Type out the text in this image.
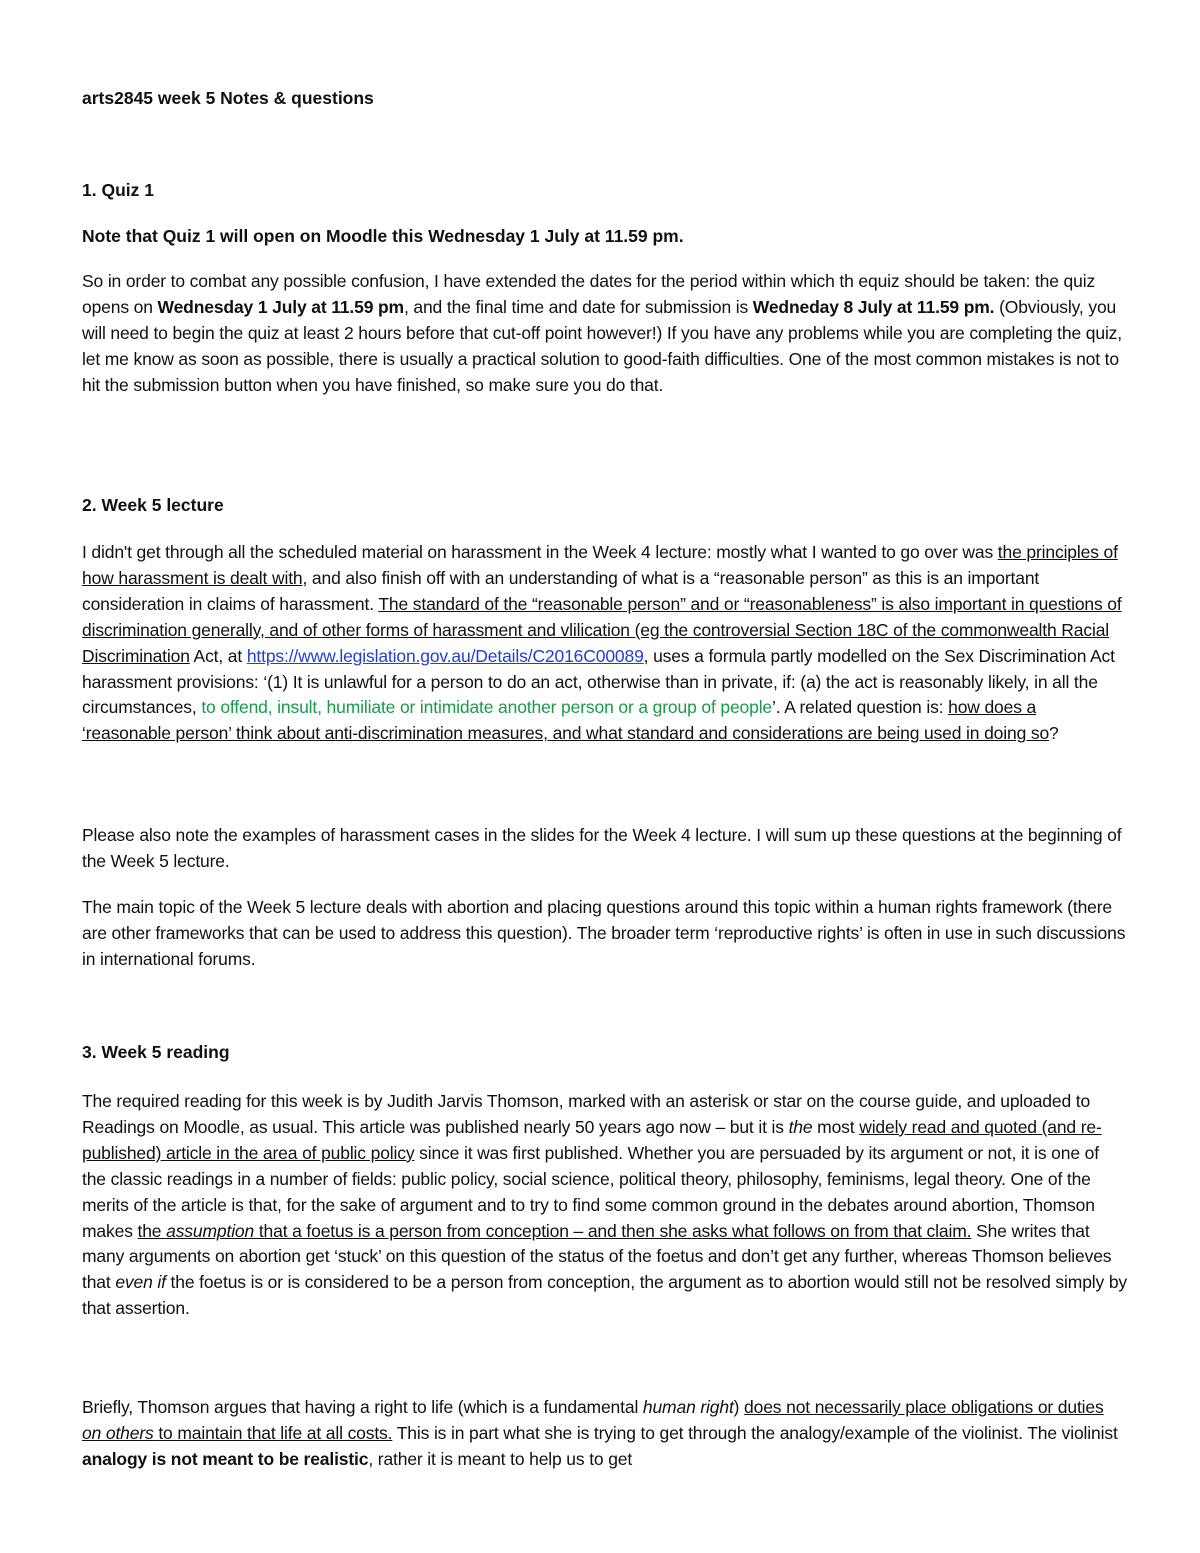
arts2845 week 5 Notes & questions
1. Quiz 1
Note that Quiz 1 will open on Moodle this Wednesday 1 July at 11.59 pm.
So in order to combat any possible confusion, I have extended the dates for the period within which th equiz should be taken: the quiz opens on Wednesday 1 July at 11.59 pm, and the final time and date for submission is Wedneday 8 July at 11.59 pm. (Obviously, you will need to begin the quiz at least 2 hours before that cut-off point however!) If you have any problems while you are completing the quiz, let me know as soon as possible, there is usually a practical solution to good-faith difficulties. One of the most common mistakes is not to hit the submission button when you have finished, so make sure you do that.
2. Week 5 lecture
I didn't get through all the scheduled material on harassment in the Week 4 lecture: mostly what I wanted to go over was the principles of how harassment is dealt with, and also finish off with an understanding of what is a “reasonable person” as this is an important consideration in claims of harassment. The standard of the “reasonable person” and or “reasonableness” is also important in questions of discrimination generally, and of other forms of harassment and vlilication (eg the controversial Section 18C of the commonwealth Racial Discrimination Act, at https://www.legislation.gov.au/Details/C2016C00089, uses a formula partly modelled on the Sex Discrimination Act harassment provisions: ‘(1) It is unlawful for a person to do an act, otherwise than in private, if: (a) the act is reasonably likely, in all the circumstances, to offend, insult, humiliate or intimidate another person or a group of people’. A related question is: how does a ‘reasonable person’ think about anti-discrimination measures, and what standard and considerations are being used in doing so?
Please also note the examples of harassment cases in the slides for the Week 4 lecture. I will sum up these questions at the beginning of the Week 5 lecture.
The main topic of the Week 5 lecture deals with abortion and placing questions around this topic within a human rights framework (there are other frameworks that can be used to address this question). The broader term ‘reproductive rights’ is often in use in such discussions in international forums.
3. Week 5 reading
The required reading for this week is by Judith Jarvis Thomson, marked with an asterisk or star on the course guide, and uploaded to Readings on Moodle, as usual. This article was published nearly 50 years ago now – but it is the most widely read and quoted (and re-published) article in the area of public policy since it was first published. Whether you are persuaded by its argument or not, it is one of the classic readings in a number of fields: public policy, social science, political theory, philosophy, feminisms, legal theory. One of the merits of the article is that, for the sake of argument and to try to find some common ground in the debates around abortion, Thomson makes the assumption that a foetus is a person from conception – and then she asks what follows on from that claim. She writes that many arguments on abortion get ‘stuck’ on this question of the status of the foetus and don’t get any further, whereas Thomson believes that even if the foetus is or is considered to be a person from conception, the argument as to abortion would still not be resolved simply by that assertion.
Briefly, Thomson argues that having a right to life (which is a fundamental human right) does not necessarily place obligations or duties on others to maintain that life at all costs. This is in part what she is trying to get through the analogy/example of the violinist. The violinist analogy is not meant to be realistic, rather it is meant to help us to get
